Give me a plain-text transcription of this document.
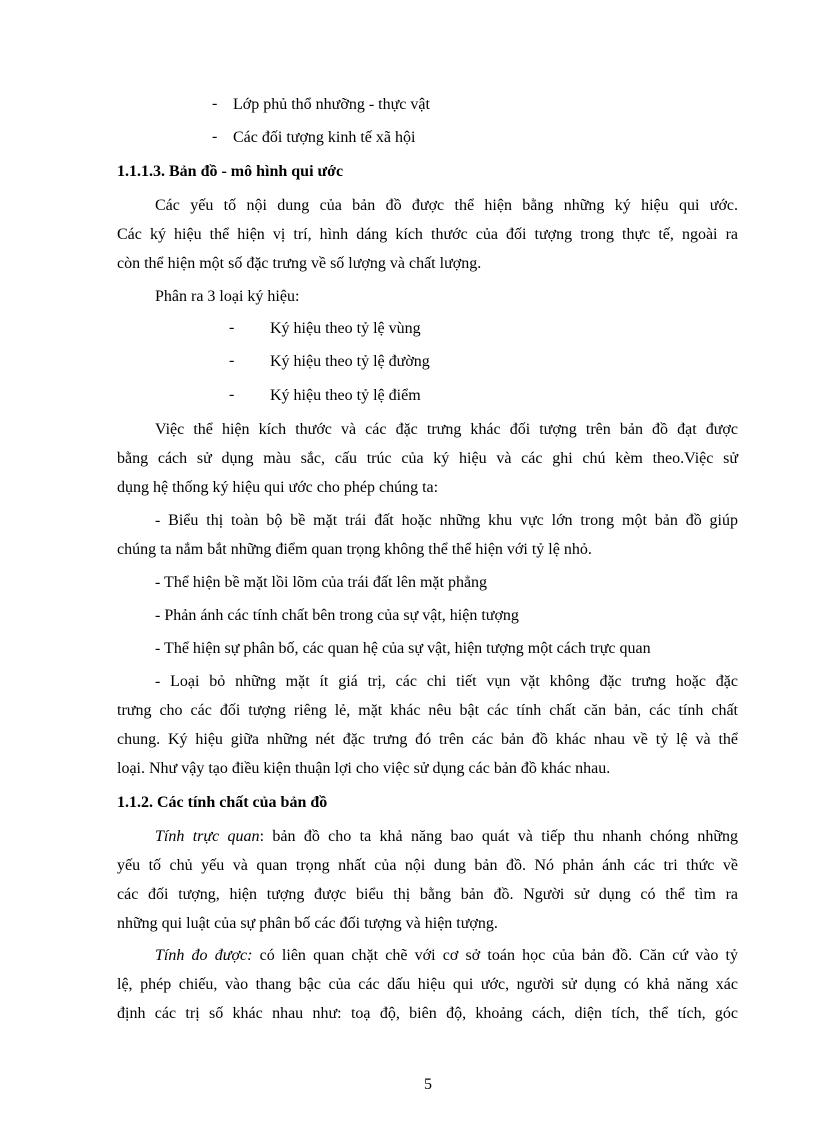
- Lớp phủ thổ nhưỡng - thực vật
- Các đối tượng kinh tế xã hội
1.1.1.3. Bản đồ - mô hình qui ước
Các yếu tố nội dung của bản đồ được thể hiện bằng những ký hiệu qui ước.
Các ký hiệu thể hiện vị trí, hình dáng kích thước của đối tượng trong thực tế, ngoài ra
còn thể hiện một số đặc trưng về số lượng và chất lượng.
Phân ra 3 loại ký hiệu:
- Ký hiệu theo tỷ lệ vùng
- Ký hiệu theo tỷ lệ đường
- Ký hiệu theo tỷ lệ điểm
Việc thể hiện kích thước và các đặc trưng khác đối tượng trên bản đồ đạt được
bằng cách sử dụng màu sắc, cấu trúc của ký hiệu và các ghi chú kèm theo.Việc sử
dụng hệ thống ký hiệu qui ước cho phép chúng ta:
- Biểu thị toàn bộ bề mặt trái đất hoặc những khu vực lớn trong một bản đồ giúp
chúng ta nắm bắt những điểm quan trọng không thể thể hiện với tỷ lệ nhỏ.
- Thể hiện bề mặt lồi lõm của trái đất lên mặt phẳng
- Phản ánh các tính chất bên trong của sự vật, hiện tượng
- Thể hiện sự phân bố, các quan hệ của sự vật, hiện tượng một cách trực quan
- Loại bỏ những mặt ít giá trị, các chi tiết vụn vặt không đặc trưng hoặc đặc
trưng cho các đối tượng riêng lẻ, mặt khác nêu bật các tính chất căn bản, các tính chất
chung. Ký hiệu giữa những nét đặc trưng đó trên các bản đồ khác nhau về tỷ lệ và thể
loại. Như vậy tạo điều kiện thuận lợi cho việc sử dụng các bản đồ khác nhau.
1.1.2. Các tính chất của bản đồ
Tính trực quan: bản đồ cho ta khả năng bao quát và tiếp thu nhanh chóng những
yếu tố chủ yếu và quan trọng nhất của nội dung bản đồ. Nó phản ánh các tri thức về
các đối tượng, hiện tượng được biểu thị bằng bản đồ. Người sử dụng có thể tìm ra
những qui luật của sự phân bố các đối tượng và hiện tượng.
Tính đo được: có liên quan chặt chẽ với cơ sở toán học của bản đồ. Căn cứ vào tỷ
lệ, phép chiếu, vào thang bậc của các dấu hiệu qui ước, người sử dụng có khả năng xác
định các trị số khác nhau như: toạ độ, biên độ, khoảng cách, diện tích, thể tích, góc
5
